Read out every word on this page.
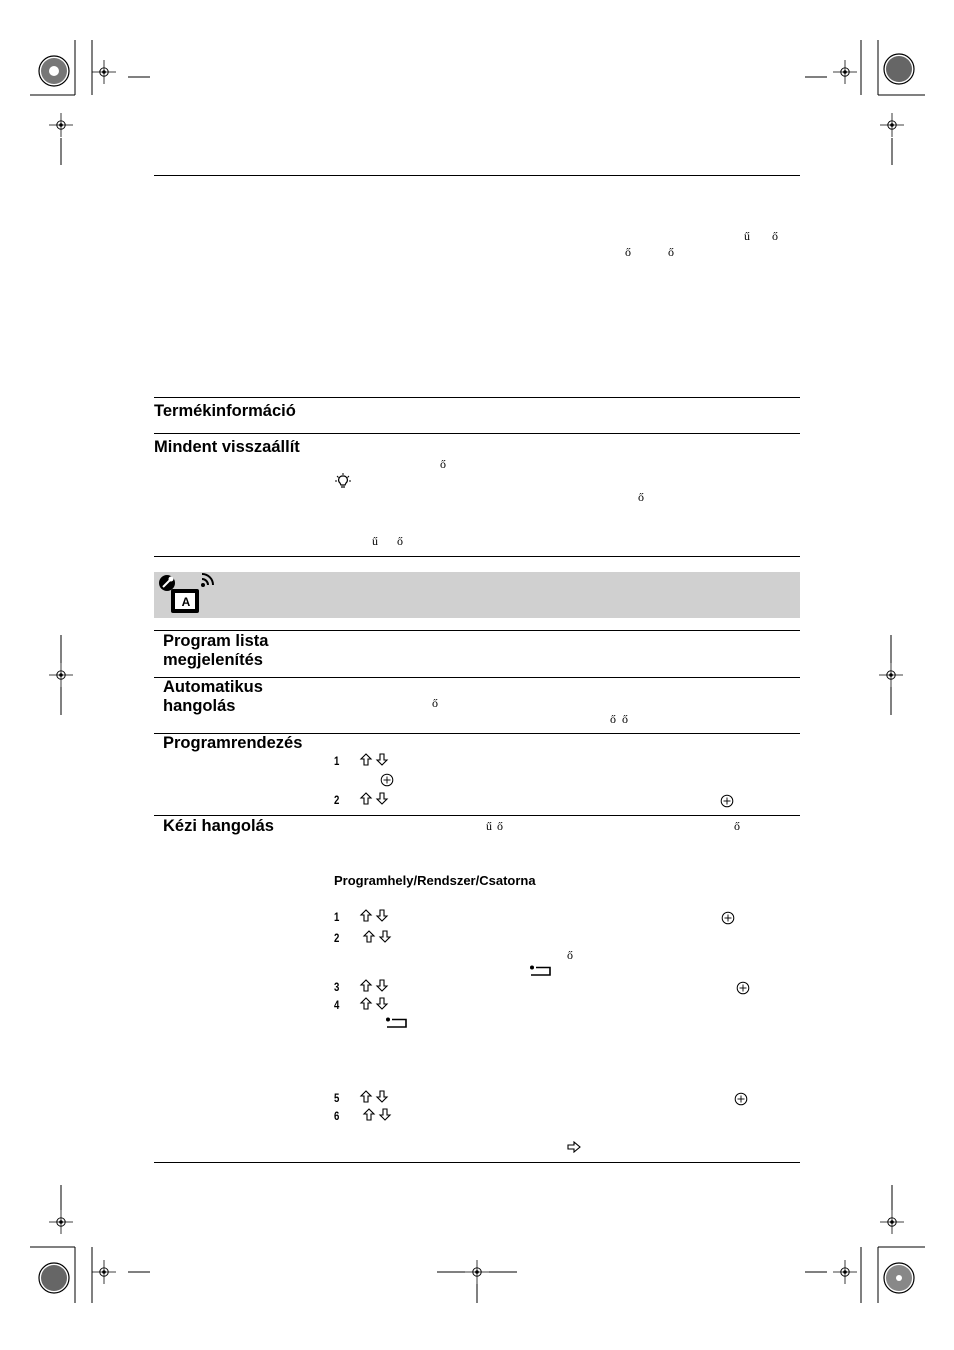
ű ő
ő	ő
Termékinformáció
Mindent visszaállít
ő
ő
ű ő
A
Program lista
megjelenítés
Automatikus
hangolás	ő
ő ő
Programrendezés
1
2
Kézi hangolás	ű ő	ő
Programhely/Rendszer/Csatorna
1
2
ő
3
4
5
6
